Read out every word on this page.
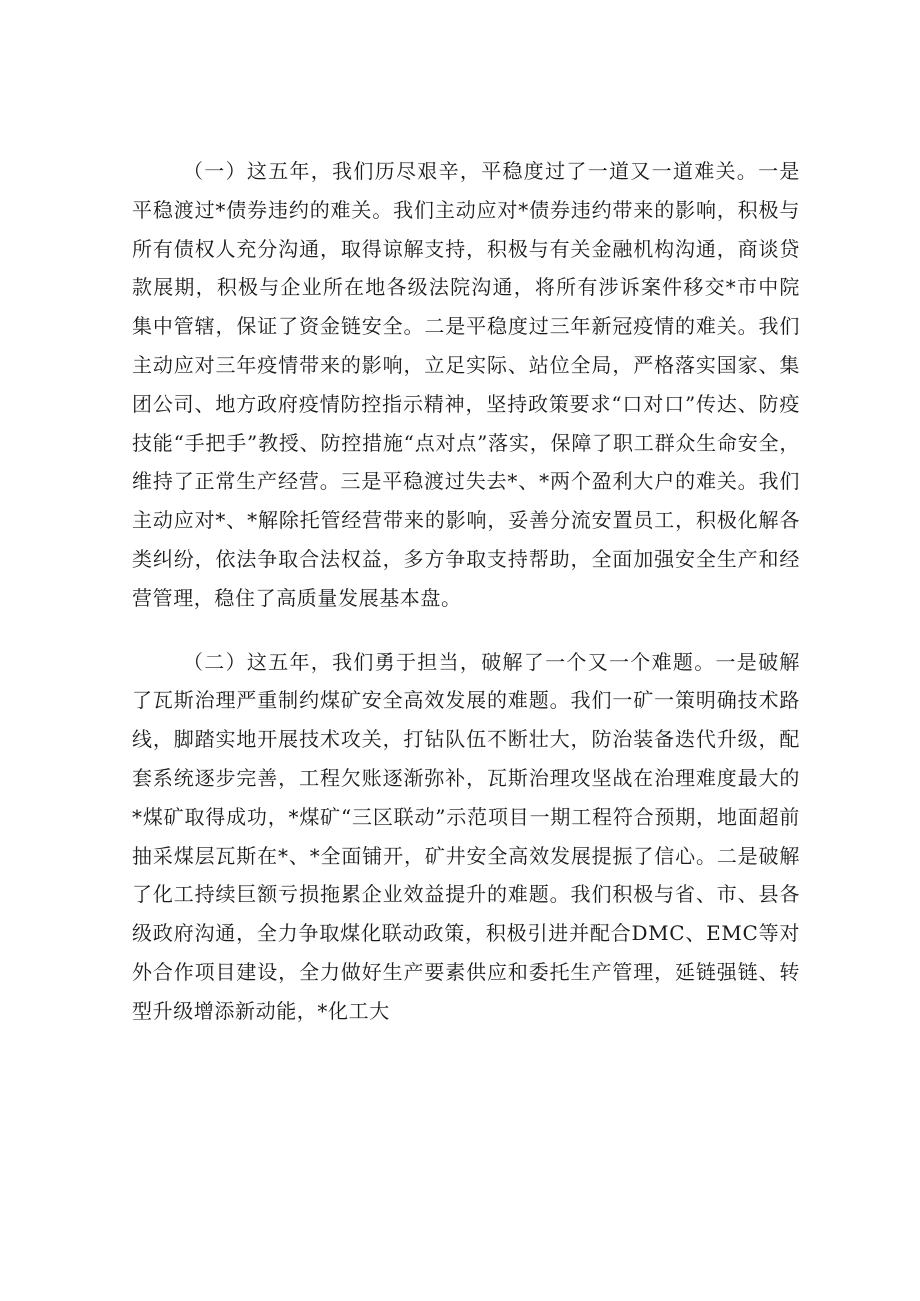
（一）这五年，我们历尽艰辛，平稳度过了一道又一道难关。一是平稳渡过*债券违约的难关。我们主动应对*债券违约带来的影响，积极与所有债权人充分沟通，取得谅解支持，积极与有关金融机构沟通，商谈贷款展期，积极与企业所在地各级法院沟通，将所有涉诉案件移交*市中院集中管辖，保证了资金链安全。二是平稳度过三年新冠疫情的难关。我们主动应对三年疫情带来的影响，立足实际、站位全局，严格落实国家、集团公司、地方政府疫情防控指示精神，坚持政策要求“口对口”传达、防疫技能“手把手”教授、防控措施“点对点”落实，保障了职工群众生命安全，维持了正常生产经营。三是平稳渡过失去*、*两个盈利大户的难关。我们主动应对*、*解除托管经营带来的影响，妥善分流安置员工，积极化解各类纠纷，依法争取合法权益，多方争取支持帮助，全面加强安全生产和经营管理，稳住了高质量发展基本盘。

（二）这五年，我们勇于担当，破解了一个又一个难题。一是破解了瓦斯治理严重制约煤矿安全高效发展的难题。我们一矿一策明确技术路线，脚踏实地开展技术攻关，打钻队伍不断壮大，防治装备迭代升级，配套系统逐步完善，工程欠账逐渐弥补，瓦斯治理攻坚战在治理难度最大的*煤矿取得成功，*煤矿“三区联动”示范项目一期工程符合预期，地面超前抽采煤层瓦斯在*、*全面铺开，矿井安全高效发展提振了信心。二是破解了化工持续巨额亏损拖累企业效益提升的难题。我们积极与省、市、县各级政府沟通，全力争取煤化联动政策，积极引进并配合DMC、EMC等对外合作项目建设，全力做好生产要素供应和委托生产管理，延链强链、转型升级增添新动能，*化工大
